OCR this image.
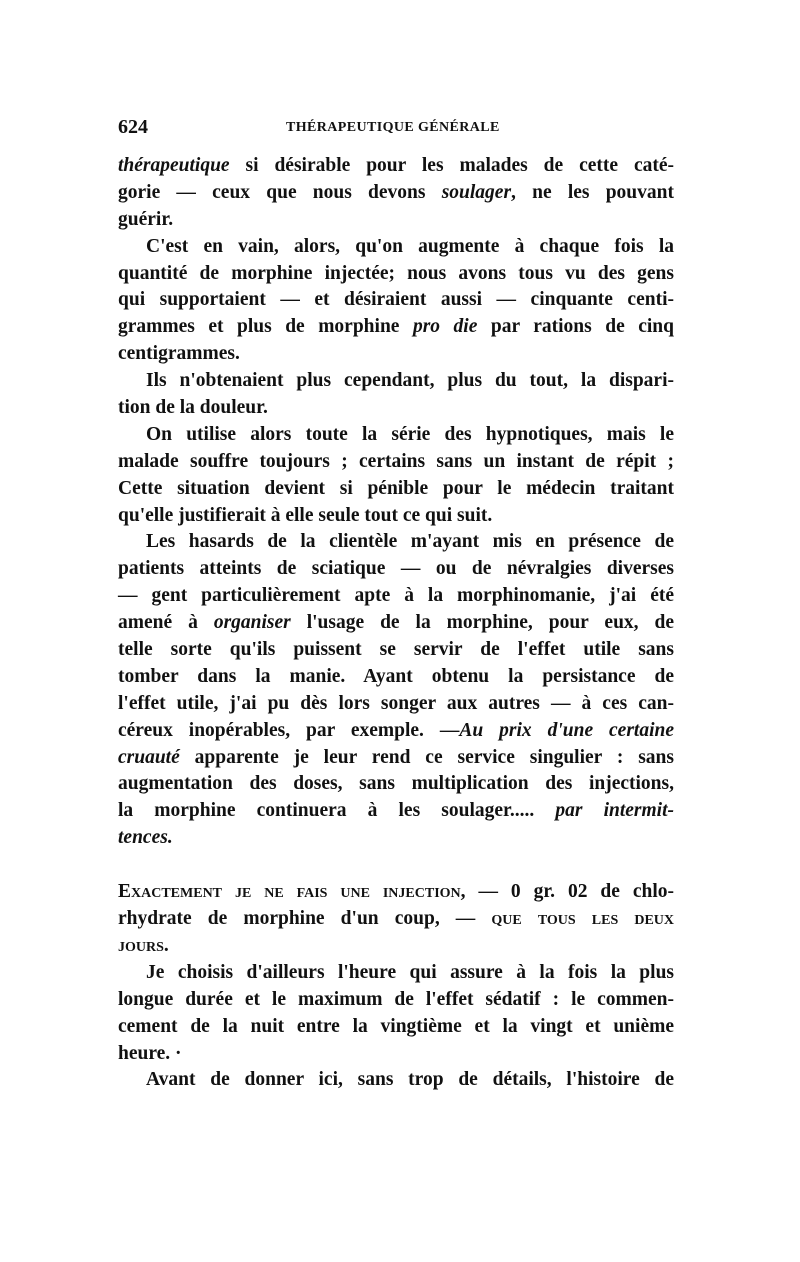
624	THÉRAPEUTIQUE GÉNÉRALE
thérapeutique si désirable pour les malades de cette caté-
gorie — ceux que nous devons soulager, ne les pouvant
guérir.
C'est en vain, alors, qu'on augmente à chaque fois la
quantité de morphine injectée; nous avons tous vu des gens
qui supportaient — et désiraient aussi — cinquante centi-
grammes et plus de morphine pro die par rations de cinq
centigrammes.
Ils n'obtenaient plus cependant, plus du tout, la dispari-
tion de la douleur.
On utilise alors toute la série des hypnotiques, mais le
malade souffre toujours ; certains sans un instant de répit ;
Cette situation devient si pénible pour le médecin traitant
qu'elle justifierait à elle seule tout ce qui suit.
Les hasards de la clientèle m'ayant mis en présence de
patients atteints de sciatique — ou de névralgies diverses
— gent particulièrement apte à la morphinomanie, j'ai été
amené à organiser l'usage de la morphine, pour eux, de
telle sorte qu'ils puissent se servir de l'effet utile sans
tomber dans la manie. Ayant obtenu la persistance de
l'effet utile, j'ai pu dès lors songer aux autres — à ces can-
céreux inopérables, par exemple. —Au prix d'une certaine
cruauté apparente je leur rend ce service singulier : sans
augmentation des doses, sans multiplication des injections,
la morphine continuera à les soulager..... par intermit-
tences.
Exactement je ne fais une injection, — 0 gr. 02 de chlo-
rhydrate de morphine d'un coup, — que tous les deux
jours.
Je choisis d'ailleurs l'heure qui assure à la fois la plus
longue durée et le maximum de l'effet sédatif : le commen-
cement de la nuit entre la vingtième et la vingt et unième
heure. ·
Avant de donner ici, sans trop de détails, l'histoire de
